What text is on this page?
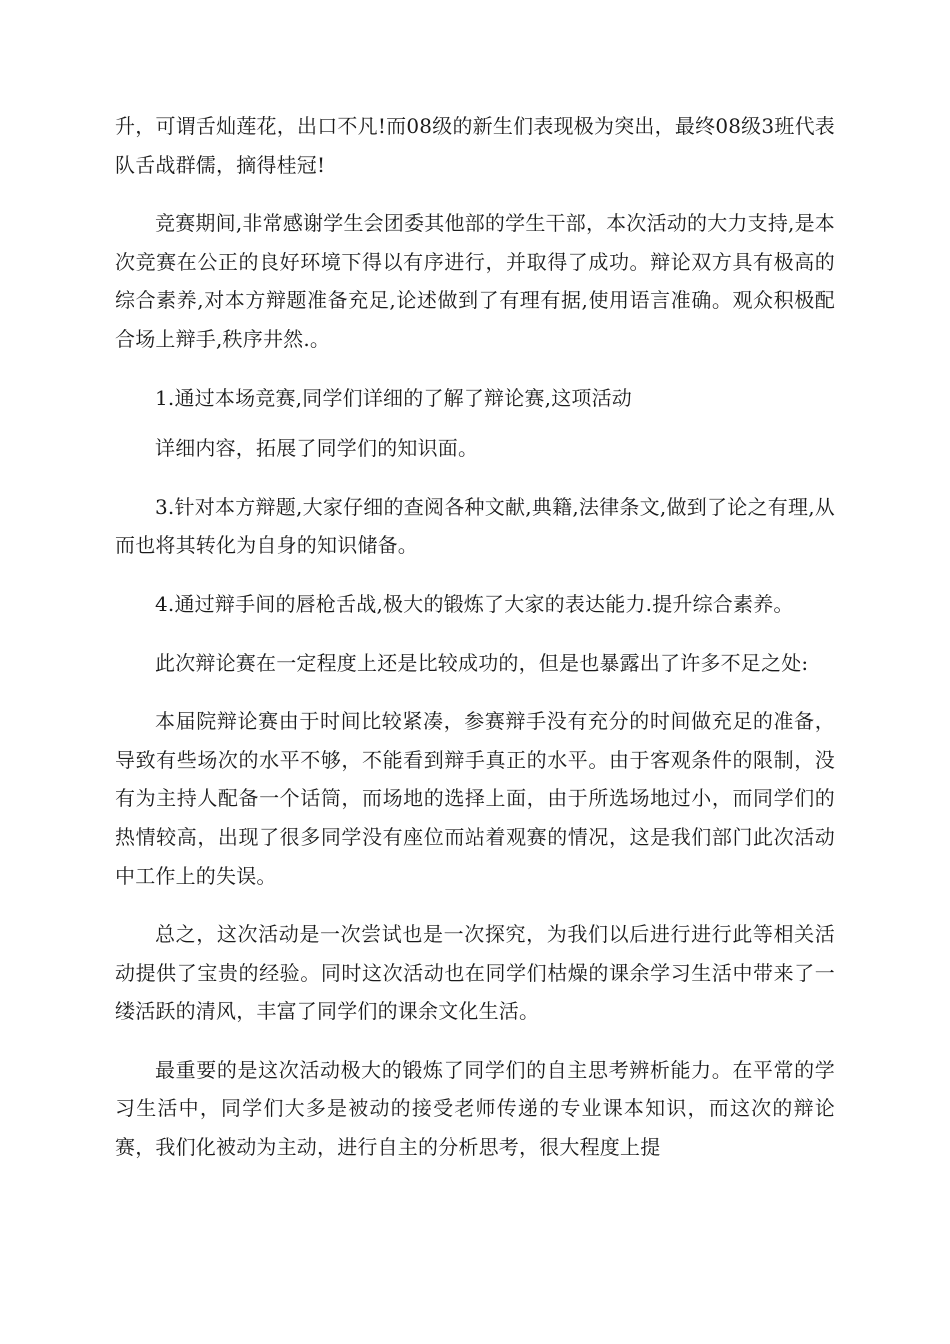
升，可谓舌灿莲花，出口不凡!而08级的新生们表现极为突出，最终08级3班代表队舌战群儒，摘得桂冠!

竞赛期间,非常感谢学生会团委其他部的学生干部，本次活动的大力支持,是本次竞赛在公正的良好环境下得以有序进行，并取得了成功。辩论双方具有极高的综合素养,对本方辩题准备充足,论述做到了有理有据,使用语言准确。观众积极配合场上辩手,秩序井然.。

1.通过本场竞赛,同学们详细的了解了辩论赛,这项活动

详细内容，拓展了同学们的知识面。

3.针对本方辩题,大家仔细的查阅各种文献,典籍,法律条文,做到了论之有理,从而也将其转化为自身的知识储备。

4.通过辩手间的唇枪舌战,极大的锻炼了大家的表达能力.提升综合素养。

此次辩论赛在一定程度上还是比较成功的，但是也暴露出了许多不足之处:

本届院辩论赛由于时间比较紧凑，参赛辩手没有充分的时间做充足的准备，导致有些场次的水平不够，不能看到辩手真正的水平。由于客观条件的限制，没有为主持人配备一个话筒，而场地的选择上面，由于所选场地过小，而同学们的热情较高，出现了很多同学没有座位而站着观赛的情况，这是我们部门此次活动中工作上的失误。

总之，这次活动是一次尝试也是一次探究，为我们以后进行进行此等相关活动提供了宝贵的经验。同时这次活动也在同学们枯燥的课余学习生活中带来了一缕活跃的清风，丰富了同学们的课余文化生活。

最重要的是这次活动极大的锻炼了同学们的自主思考辨析能力。在平常的学习生活中，同学们大多是被动的接受老师传递的专业课本知识，而这次的辩论赛，我们化被动为主动，进行自主的分析思考，很大程度上提
